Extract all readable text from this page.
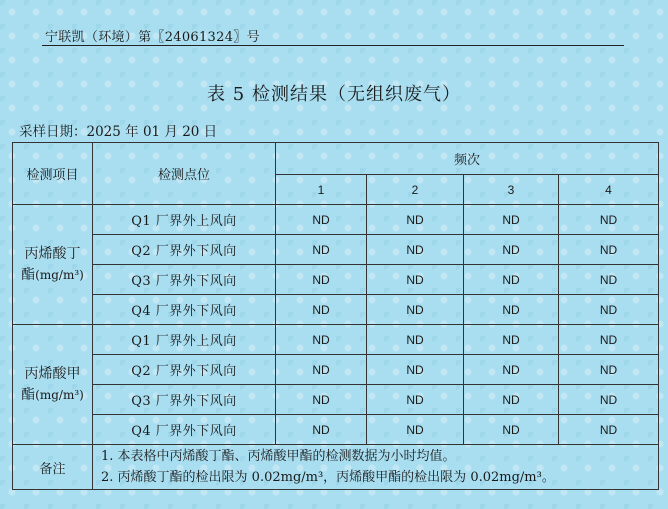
宁联凯（环境）第〖24061324〗号
表 5 检测结果（无组织废气）
采样日期：2025 年 01 月 20 日
检测项目	检测点位	频次			
		1	2	3	4
丙烯酸丁
酯(mg/m³)	Q1 厂界外上风向	ND	ND	ND	ND
	Q2 厂界外下风向	ND	ND	ND	ND
	Q3 厂界外下风向	ND	ND	ND	ND
	Q4 厂界外下风向	ND	ND	ND	ND
丙烯酸甲
酯(mg/m³)	Q1 厂界外上风向	ND	ND	ND	ND
	Q2 厂界外下风向	ND	ND	ND	ND
	Q3 厂界外下风向	ND	ND	ND	ND
	Q4 厂界外下风向	ND	ND	ND	ND
备注	1. 本表格中丙烯酸丁酯、丙烯酸甲酯的检测数据为小时均值。
2. 丙烯酸丁酯的检出限为 0.02mg/m³，丙烯酸甲酯的检出限为 0.02mg/m³。				
